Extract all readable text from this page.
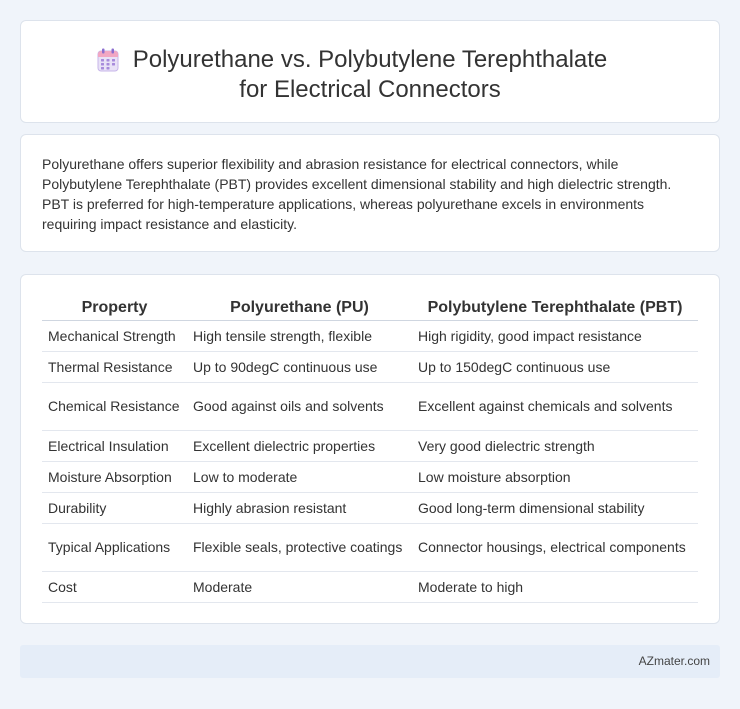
Polyurethane vs. Polybutylene Terephthalate for Electrical Connectors

Polyurethane offers superior flexibility and abrasion resistance for electrical connectors, while Polybutylene Terephthalate (PBT) provides excellent dimensional stability and high dielectric strength. PBT is preferred for high-temperature applications, whereas polyurethane excels in environments requiring impact resistance and elasticity.

Property	Polyurethane (PU)	Polybutylene Terephthalate (PBT)
Mechanical Strength	High tensile strength, flexible	High rigidity, good impact resistance
Thermal Resistance	Up to 90degC continuous use	Up to 150degC continuous use
Chemical Resistance	Good against oils and solvents	Excellent against chemicals and solvents
Electrical Insulation	Excellent dielectric properties	Very good dielectric strength
Moisture Absorption	Low to moderate	Low moisture absorption
Durability	Highly abrasion resistant	Good long-term dimensional stability
Typical Applications	Flexible seals, protective coatings	Connector housings, electrical components
Cost	Moderate	Moderate to high
AZmater.com
